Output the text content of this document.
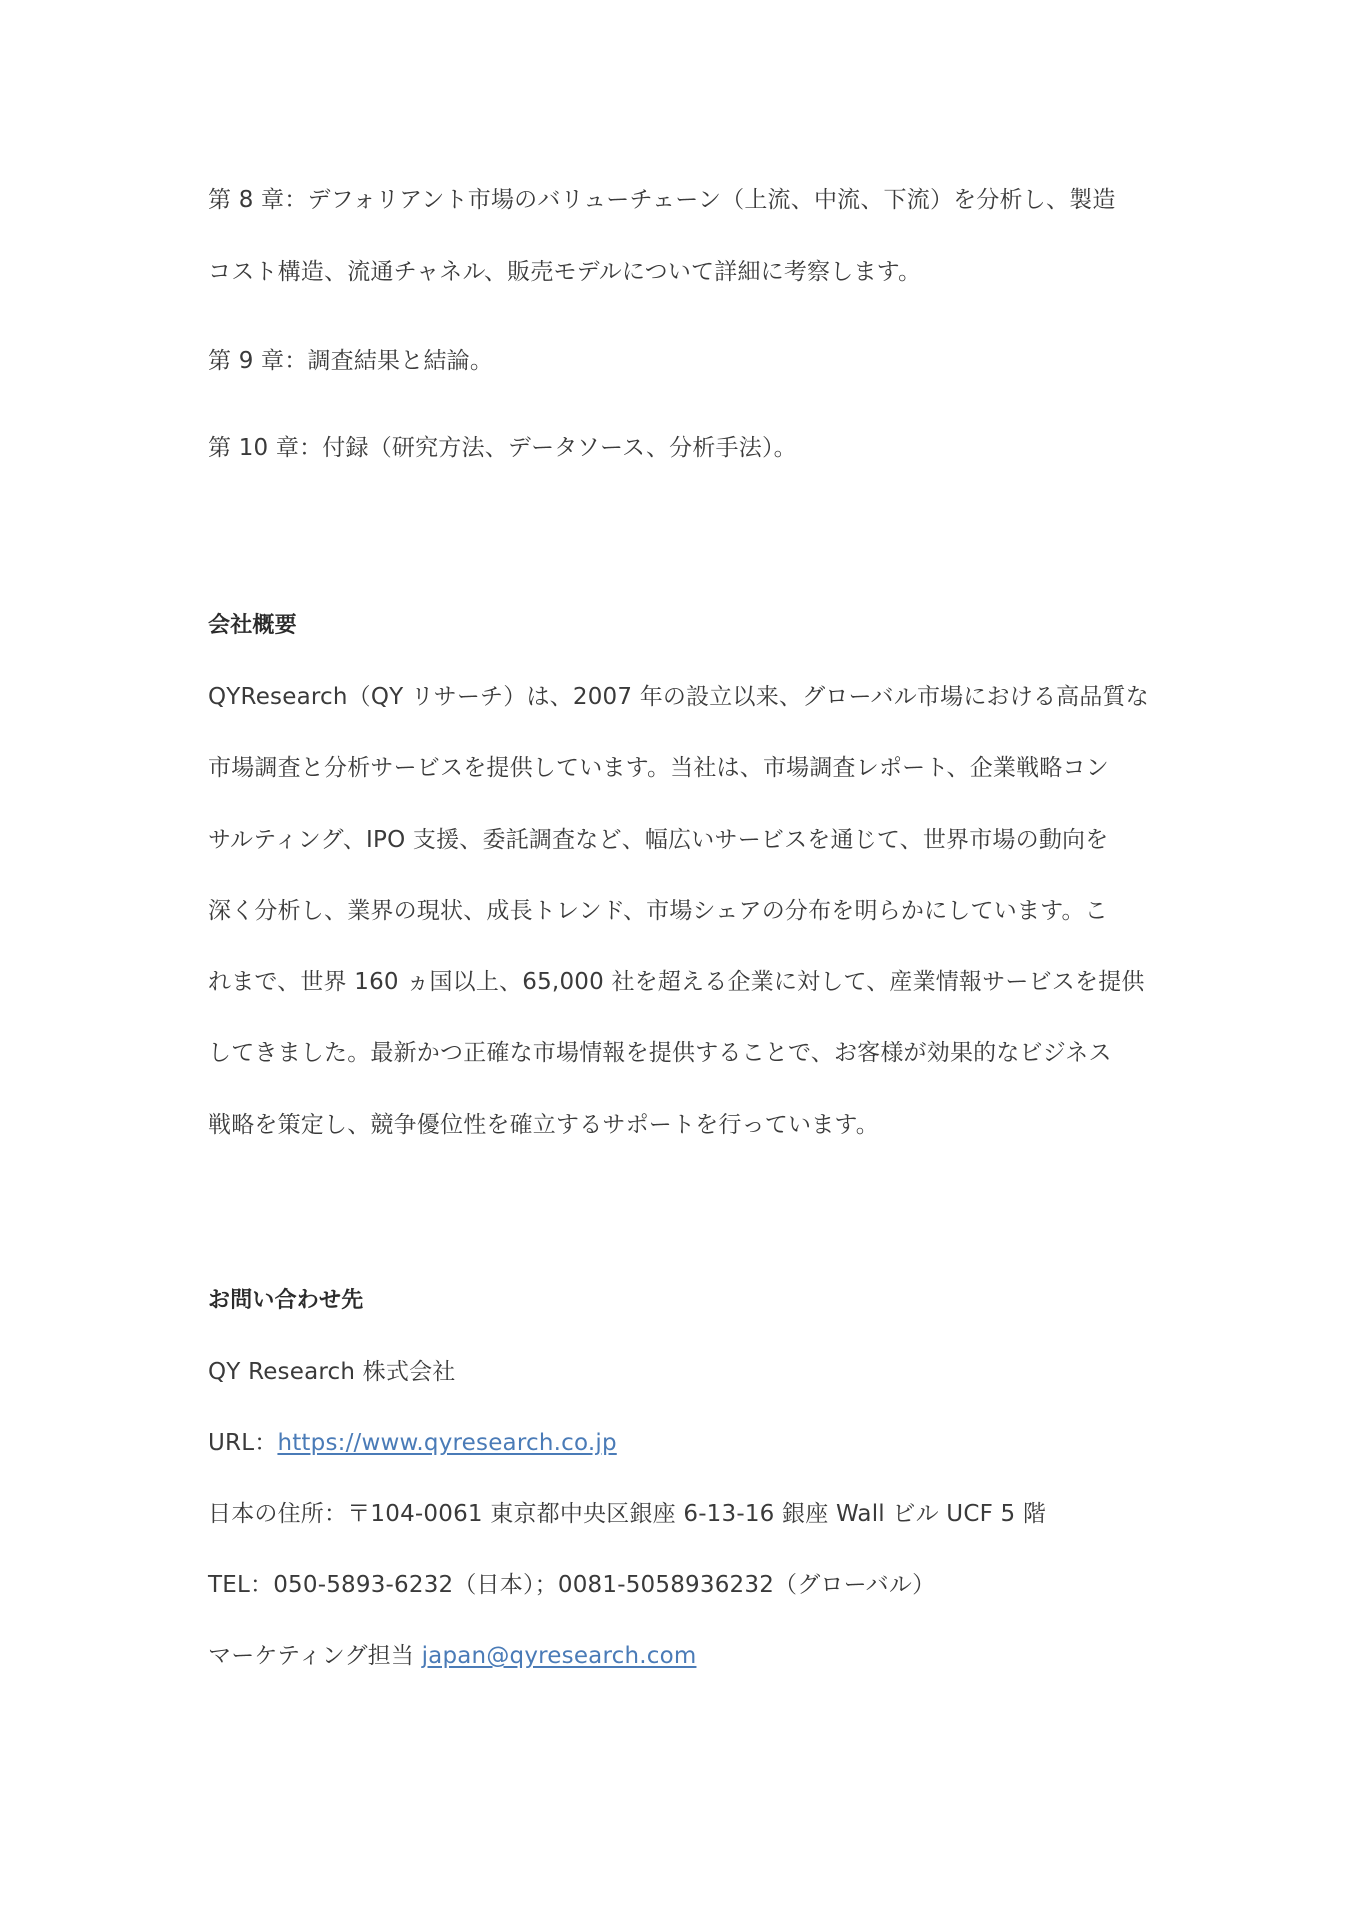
第 8 章：デフォリアント市場のバリューチェーン（上流、中流、下流）を分析し、製造
コスト構造、流通チャネル、販売モデルについて詳細に考察します。
第 9 章：調査結果と結論。
第 10 章：付録（研究方法、データソース、分析手法）。
会社概要
QYResearch（QY リサーチ）は、2007 年の設立以来、グローバル市場における高品質な
市場調査と分析サービスを提供しています。当社は、市場調査レポート、企業戦略コン
サルティング、IPO 支援、委託調査など、幅広いサービスを通じて、世界市場の動向を
深く分析し、業界の現状、成長トレンド、市場シェアの分布を明らかにしています。こ
れまで、世界 160 ヵ国以上、65,000 社を超える企業に対して、産業情報サービスを提供
してきました。最新かつ正確な市場情報を提供することで、お客様が効果的なビジネス
戦略を策定し、競争優位性を確立するサポートを行っています。
お問い合わせ先
QY Research 株式会社
URL：https://www.qyresearch.co.jp
日本の住所：〒104-0061 東京都中央区銀座 6-13-16 銀座 Wall ビル UCF 5 階
TEL：050-5893-6232（日本）；0081-5058936232（グローバル）
マーケティング担当 japan@qyresearch.com
